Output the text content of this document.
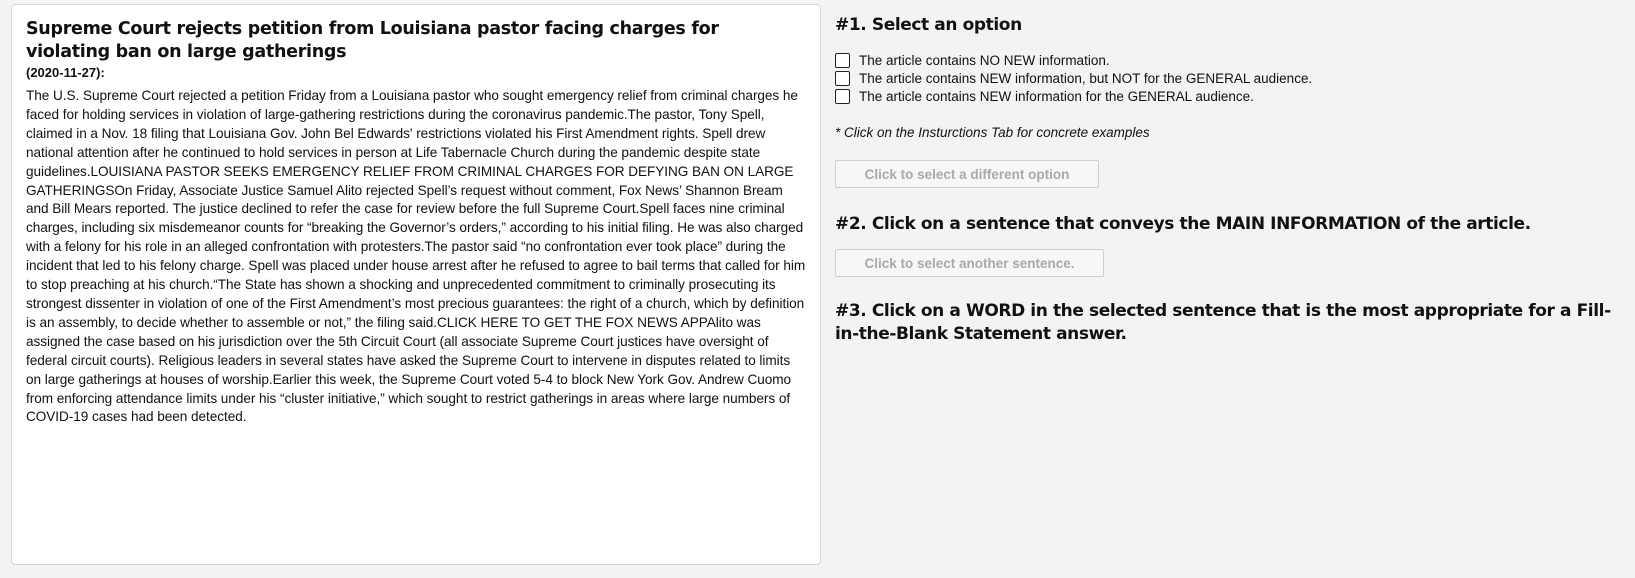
Supreme Court rejects petition from Louisiana pastor facing charges for violating ban on large gatherings
(2020-11-27):

The U.S. Supreme Court rejected a petition Friday from a Louisiana pastor who sought emergency relief from criminal charges he faced for holding services in violation of large-gathering restrictions during the coronavirus pandemic.The pastor, Tony Spell, claimed in a Nov. 18 filing that Louisiana Gov. John Bel Edwards' restrictions violated his First Amendment rights. Spell drew national attention after he continued to hold services in person at Life Tabernacle Church during the pandemic despite state guidelines.LOUISIANA PASTOR SEEKS EMERGENCY RELIEF FROM CRIMINAL CHARGES FOR DEFYING BAN ON LARGE GATHERINGSOn Friday, Associate Justice Samuel Alito rejected Spell’s request without comment, Fox News’ Shannon Bream and Bill Mears reported. The justice declined to refer the case for review before the full Supreme Court.Spell faces nine criminal charges, including six misdemeanor counts for “breaking the Governor’s orders,” according to his initial filing. He was also charged with a felony for his role in an alleged confrontation with protesters.The pastor said “no confrontation ever took place” during the incident that led to his felony charge. Spell was placed under house arrest after he refused to agree to bail terms that called for him to stop preaching at his church.“The State has shown a shocking and unprecedented commitment to criminally prosecuting its strongest dissenter in violation of one of the First Amendment’s most precious guarantees: the right of a church, which by definition is an assembly, to decide whether to assemble or not,” the filing said.CLICK HERE TO GET THE FOX NEWS APPAlito was assigned the case based on his jurisdiction over the 5th Circuit Court (all associate Supreme Court justices have oversight of federal circuit courts). Religious leaders in several states have asked the Supreme Court to intervene in disputes related to limits on large gatherings at houses of worship.Earlier this week, the Supreme Court voted 5-4 to block New York Gov. Andrew Cuomo from enforcing attendance limits under his “cluster initiative,” which sought to restrict gatherings in areas where large numbers of COVID-19 cases had been detected.

#1. Select an option
The article contains NO NEW information.
The article contains NEW information, but NOT for the GENERAL audience.
The article contains NEW information for the GENERAL audience.
* Click on the Insturctions Tab for concrete examples
Click to select a different option
#2. Click on a sentence that conveys the MAIN INFORMATION of the article.
Click to select another sentence.
#3. Click on a WORD in the selected sentence that is the most appropriate for a Fill-in-the-Blank Statement answer.
